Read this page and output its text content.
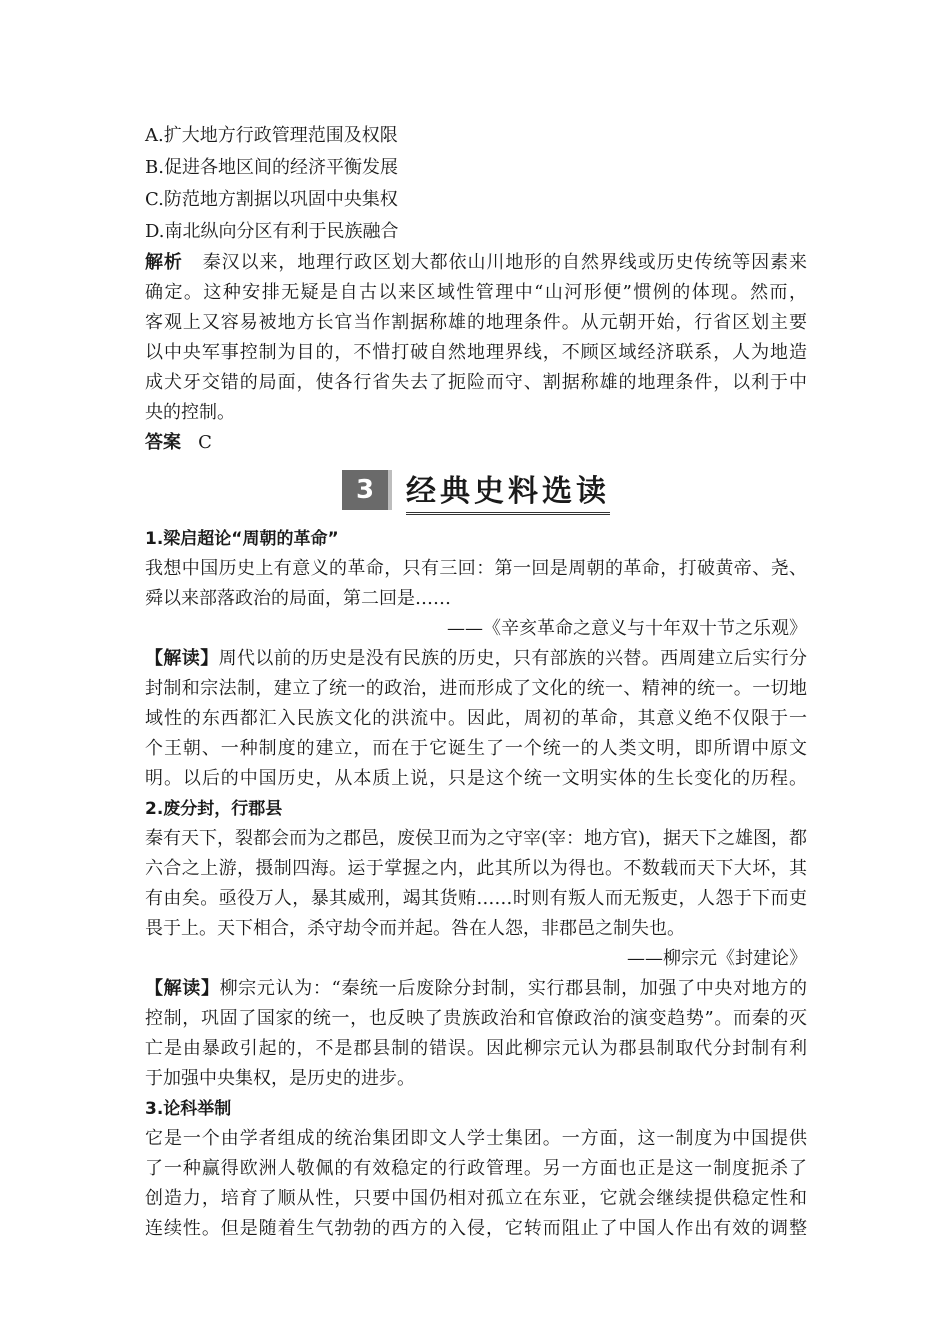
A.扩大地方行政管理范围及权限
B.促进各地区间的经济平衡发展
C.防范地方割据以巩固中央集权
D.南北纵向分区有利于民族融合
解析 秦汉以来，地理行政区划大都依山川地形的自然界线或历史传统等因素来
确定。这种安排无疑是自古以来区域性管理中“山河形便”惯例的体现。然而，
客观上又容易被地方长官当作割据称雄的地理条件。从元朝开始，行省区划主要
以中央军事控制为目的，不惜打破自然地理界线，不顾区域经济联系，人为地造
成犬牙交错的局面，使各行省失去了扼险而守、割据称雄的地理条件，以利于中
央的控制。
答案 C
3	经典史料选读
1.梁启超论“周朝的革命”
我想中国历史上有意义的革命，只有三回：第一回是周朝的革命，打破黄帝、尧、
舜以来部落政治的局面，第二回是……
——《辛亥革命之意义与十年双十节之乐观》
【解读】周代以前的历史是没有民族的历史，只有部族的兴替。西周建立后实行分
封制和宗法制，建立了统一的政治，进而形成了文化的统一、精神的统一。一切地
域性的东西都汇入民族文化的洪流中。因此，周初的革命，其意义绝不仅限于一
个王朝、一种制度的建立，而在于它诞生了一个统一的人类文明，即所谓中原文
明。以后的中国历史，从本质上说，只是这个统一文明实体的生长变化的历程。
2.废分封，行郡县
秦有天下，裂都会而为之郡邑，废侯卫而为之守宰(宰：地方官)，据天下之雄图，都
六合之上游，摄制四海。运于掌握之内，此其所以为得也。不数载而天下大坏，其
有由矣。亟役万人，暴其威刑，竭其货贿……时则有叛人而无叛吏，人怨于下而吏
畏于上。天下相合，杀守劫令而并起。咎在人怨，非郡邑之制失也。
——柳宗元《封建论》
【解读】柳宗元认为：“秦统一后废除分封制，实行郡县制，加强了中央对地方的
控制，巩固了国家的统一，也反映了贵族政治和官僚政治的演变趋势”。而秦的灭
亡是由暴政引起的，不是郡县制的错误。因此柳宗元认为郡县制取代分封制有利
于加强中央集权，是历史的进步。
3.论科举制
它是一个由学者组成的统治集团即文人学士集团。一方面，这一制度为中国提供
了一种赢得欧洲人敬佩的有效稳定的行政管理。另一方面也正是这一制度扼杀了
创造力，培育了顺从性，只要中国仍相对孤立在东亚，它就会继续提供稳定性和
连续性。但是随着生气勃勃的西方的入侵，它转而阻止了中国人作出有效的调整
